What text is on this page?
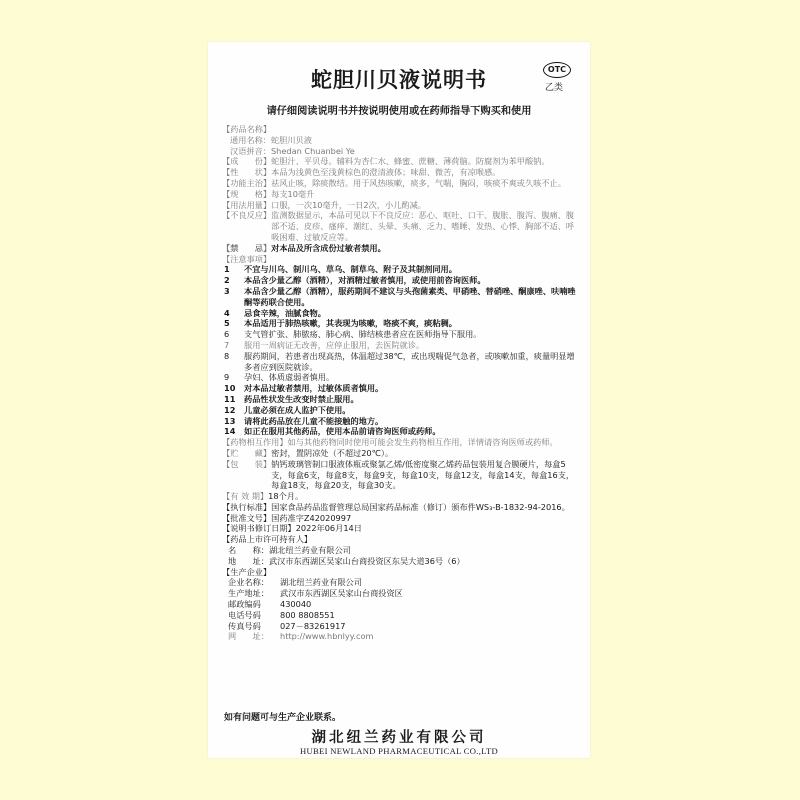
蛇胆川贝液说明书	OTC
乙类
请仔细阅读说明书并按说明使用或在药师指导下购买和使用
【药品名称】
通用名称： 蛇胆川贝液
汉语拼音： Shedan Chuanbei Ye
【成　　份】 蛇胆汁、平贝母。辅料为杏仁水、蜂蜜、蔗糖、薄荷脑。防腐剂为苯甲酸钠。
【性　　状】 本品为浅黄色至浅黄棕色的澄清液体；味甜、微苦，有凉喉感。
【功能主治】 祛风止咳，除痰散结。用于风热咳嗽，痰多，气喘，胸闷，咳痰不爽或久咳不止。
【规　　格】 每支10毫升
【用法用量】 口服，一次10毫升，一日2次，小儿酌减。
【不良反应】 监测数据显示，本品可见以下不良反应：恶心、呕吐、口干、腹胀、腹泻、腹痛、腹部不适、皮疹、瘙痒、潮红、头晕、头痛、乏力、嗜睡、发热、心悸、胸部不适、呼吸困难、过敏反应等。
【禁　　忌】 对本品及所含成份过敏者禁用。
【注意事项】
1	不宜与川乌、制川乌、草乌、制草乌、附子及其制剂同用。
2	本品含少量乙醇（酒精），对酒精过敏者慎用，或使用前咨询医师。
3	本品含少量乙醇（酒精），服药期间不建议与头孢菌素类、甲硝唑、替硝唑、酮康唑、呋喃唑酮等药联合使用。
4	忌食辛辣，油腻食物。
5	本品适用于肺热咳嗽，其表现为咳嗽，咯痰不爽，痰粘稠。
6	支气管扩张、肺脓疡、肺心病、肺结核患者应在医师指导下服用。
7	服用一周病证无改善，应停止服用，去医院就诊。
8	服药期间，若患者出现高热，体温超过38℃，或出现喘促气急者，或咳嗽加重，痰量明显增多者应到医院就诊。
9	孕妇、体质虚弱者慎用。
10	对本品过敏者禁用，过敏体质者慎用。
11	药品性状发生改变时禁止服用。
12	儿童必须在成人监护下使用。
13	请将此药品放在儿童不能接触的地方。
14	如正在服用其他药品，使用本品前请咨询医师或药师。
【药物相互作用】 如与其他药物同时使用可能会发生药物相互作用，详情请咨询医师或药师。
【贮　　藏】 密封，置阴凉处（不超过20℃）。
【包　　装】 钠钙玻璃管制口服液体瓶或聚氯乙烯/低密度聚乙烯药品包装用复合膜硬片，每盒5支，每盒6支，每盒8支，每盒9支，每盒10支，每盒12支，每盒14支，每盒16支，每盒18支，每盒20支，每盒30支。
【有 效 期】 18个月。
【执行标准】 国家食品药品监督管理总局国家药品标准（修订）颁布件WS₃-B-1832-94-2016。
【批准文号】 国药准字Z42020997
【说明书修订日期】 2022年06月14日
【药品上市许可持有人】
名　　称： 湖北纽兰药业有限公司
地　　址： 武汉市东西湖区吴家山台商投资区东吴大道36号（6）
【生产企业】
企业名称：	湖北纽兰药业有限公司
生产地址：	武汉市东西湖区吴家山台商投资区
邮政编码	430040
电话号码	800 8808551
传真号码	027－83261917
网　　址：	http://www.hbnlyy.com
如有问题可与生产企业联系。
湖北纽兰药业有限公司
HUBEI NEWLAND PHARMACEUTICAL CO.,LTD
